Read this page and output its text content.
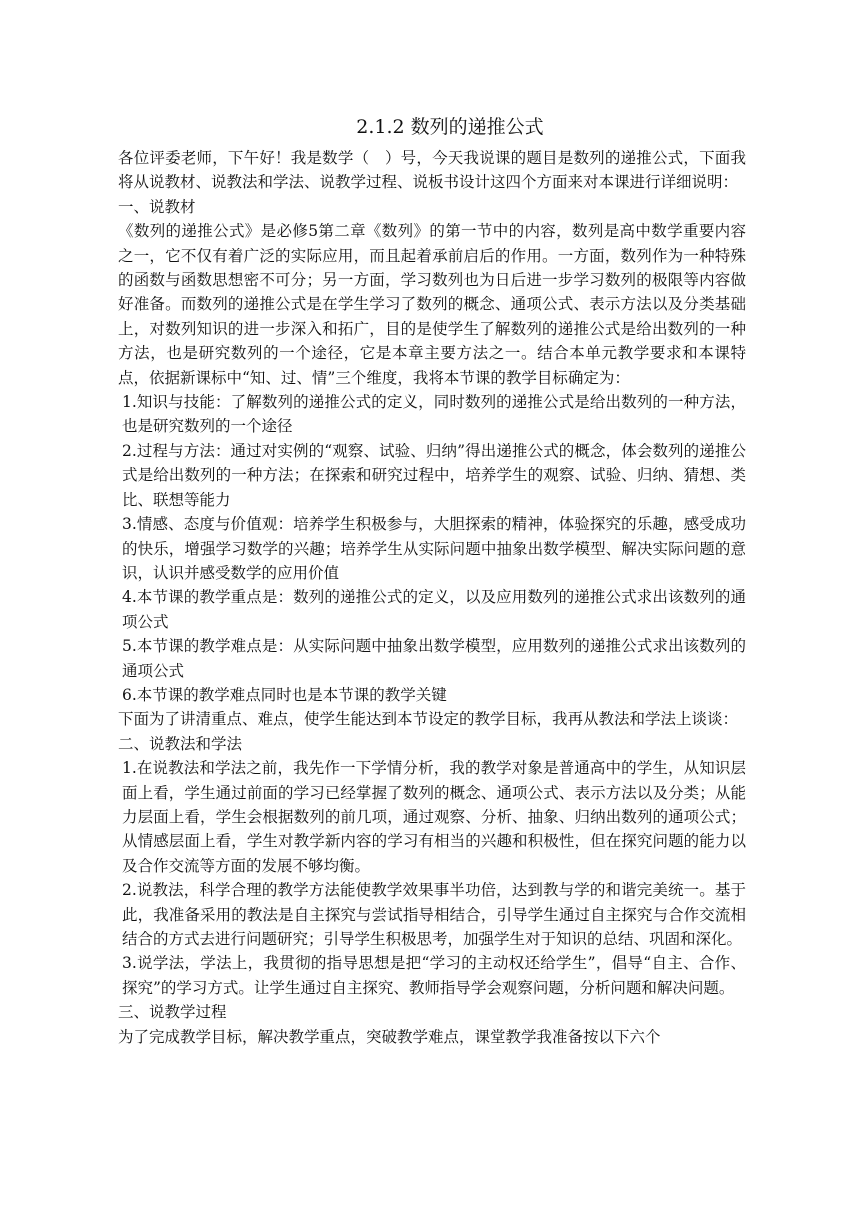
2.1.2 数列的递推公式

各位评委老师，下午好！我是数学（　）号，今天我说课的题目是数列的递推公式，下面我将从说教材、说教法和学法、说教学过程、说板书设计这四个方面来对本课进行详细说明：

一、说教材

《数列的递推公式》是必修5第二章《数列》的第一节中的内容，数列是高中数学重要内容之一，它不仅有着广泛的实际应用，而且起着承前启后的作用。一方面，数列作为一种特殊的函数与函数思想密不可分；另一方面，学习数列也为日后进一步学习数列的极限等内容做好准备。而数列的递推公式是在学生学习了数列的概念、通项公式、表示方法以及分类基础上，对数列知识的进一步深入和拓广，目的是使学生了解数列的递推公式是给出数列的一种方法，也是研究数列的一个途径，它是本章主要方法之一。结合本单元教学要求和本课特点，依据新课标中“知、过、情”三个维度，我将本节课的教学目标确定为：

1.知识与技能：了解数列的递推公式的定义，同时数列的递推公式是给出数列的一种方法，也是研究数列的一个途径

2.过程与方法：通过对实例的“观察、试验、归纳”得出递推公式的概念，体会数列的递推公式是给出数列的一种方法；在探索和研究过程中，培养学生的观察、试验、归纳、猜想、类比、联想等能力

3.情感、态度与价值观：培养学生积极参与，大胆探索的精神，体验探究的乐趣，感受成功的快乐，增强学习数学的兴趣；培养学生从实际问题中抽象出数学模型、解决实际问题的意识，认识并感受数学的应用价值

4.本节课的教学重点是：数列的递推公式的定义，以及应用数列的递推公式求出该数列的通项公式

5.本节课的教学难点是：从实际问题中抽象出数学模型，应用数列的递推公式求出该数列的通项公式

6.本节课的教学难点同时也是本节课的教学关键

下面为了讲清重点、难点，使学生能达到本节设定的教学目标，我再从教法和学法上谈谈：

二、说教法和学法

1.在说教法和学法之前，我先作一下学情分析，我的教学对象是普通高中的学生，从知识层面上看，学生通过前面的学习已经掌握了数列的概念、通项公式、表示方法以及分类；从能力层面上看，学生会根据数列的前几项，通过观察、分析、抽象、归纳出数列的通项公式；从情感层面上看，学生对教学新内容的学习有相当的兴趣和积极性，但在探究问题的能力以及合作交流等方面的发展不够均衡。

2.说教法，科学合理的教学方法能使教学效果事半功倍，达到教与学的和谐完美统一。基于此，我准备采用的教法是自主探究与尝试指导相结合，引导学生通过自主探究与合作交流相结合的方式去进行问题研究；引导学生积极思考，加强学生对于知识的总结、巩固和深化。

3.说学法，学法上，我贯彻的指导思想是把“学习的主动权还给学生”，倡导“自主、合作、探究”的学习方式。让学生通过自主探究、教师指导学会观察问题，分析问题和解决问题。

三、说教学过程

为了完成教学目标，解决教学重点，突破教学难点，课堂教学我准备按以下六个
